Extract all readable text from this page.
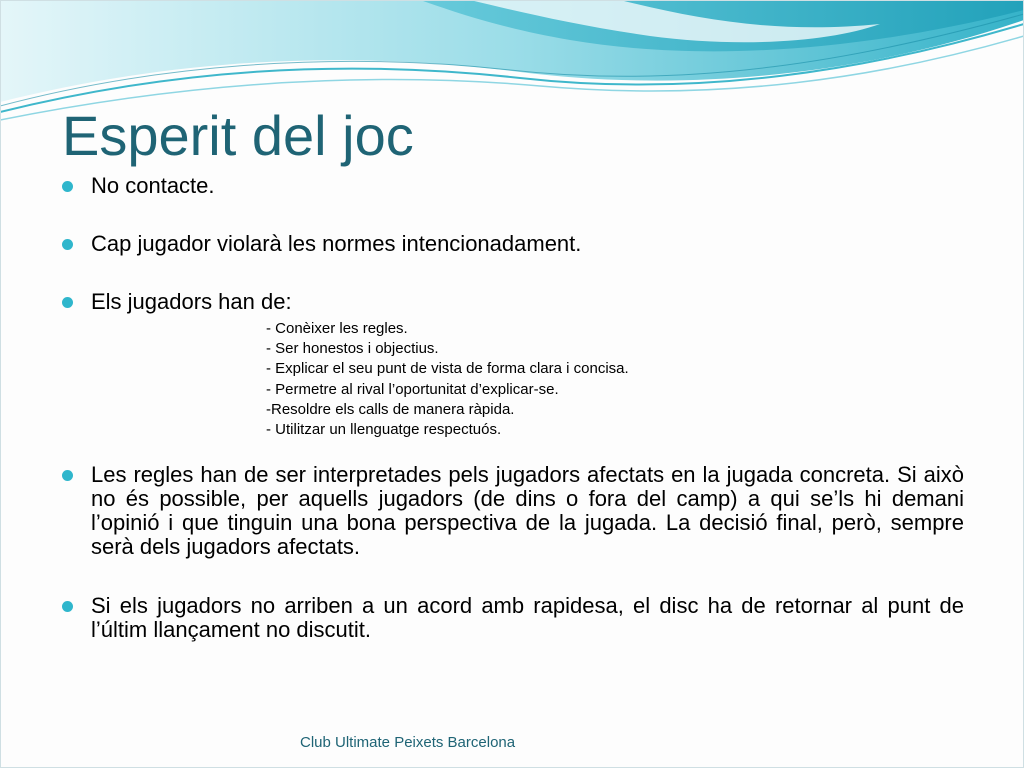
Esperit del joc
No contacte.
Cap jugador violarà les normes intencionadament.
Els jugadors han de:
- Conèixer les regles.
- Ser honestos i objectius.
- Explicar el seu punt de vista de forma clara i concisa.
- Permetre al rival l’oportunitat d’explicar-se.
-Resoldre els calls de manera ràpida.
- Utilitzar un llenguatge respectuós.
Les regles han de ser interpretades pels jugadors afectats en la jugada concreta. Si això no és possible, per aquells jugadors (de dins o fora del camp) a qui se’ls hi demani l’opinió i que tinguin una bona perspectiva de la jugada. La decisió final, però, sempre serà dels jugadors afectats.
Si els jugadors no arriben a un acord amb rapidesa, el disc ha de retornar al punt de l’últim llançament no discutit.
Club Ultimate Peixets Barcelona
